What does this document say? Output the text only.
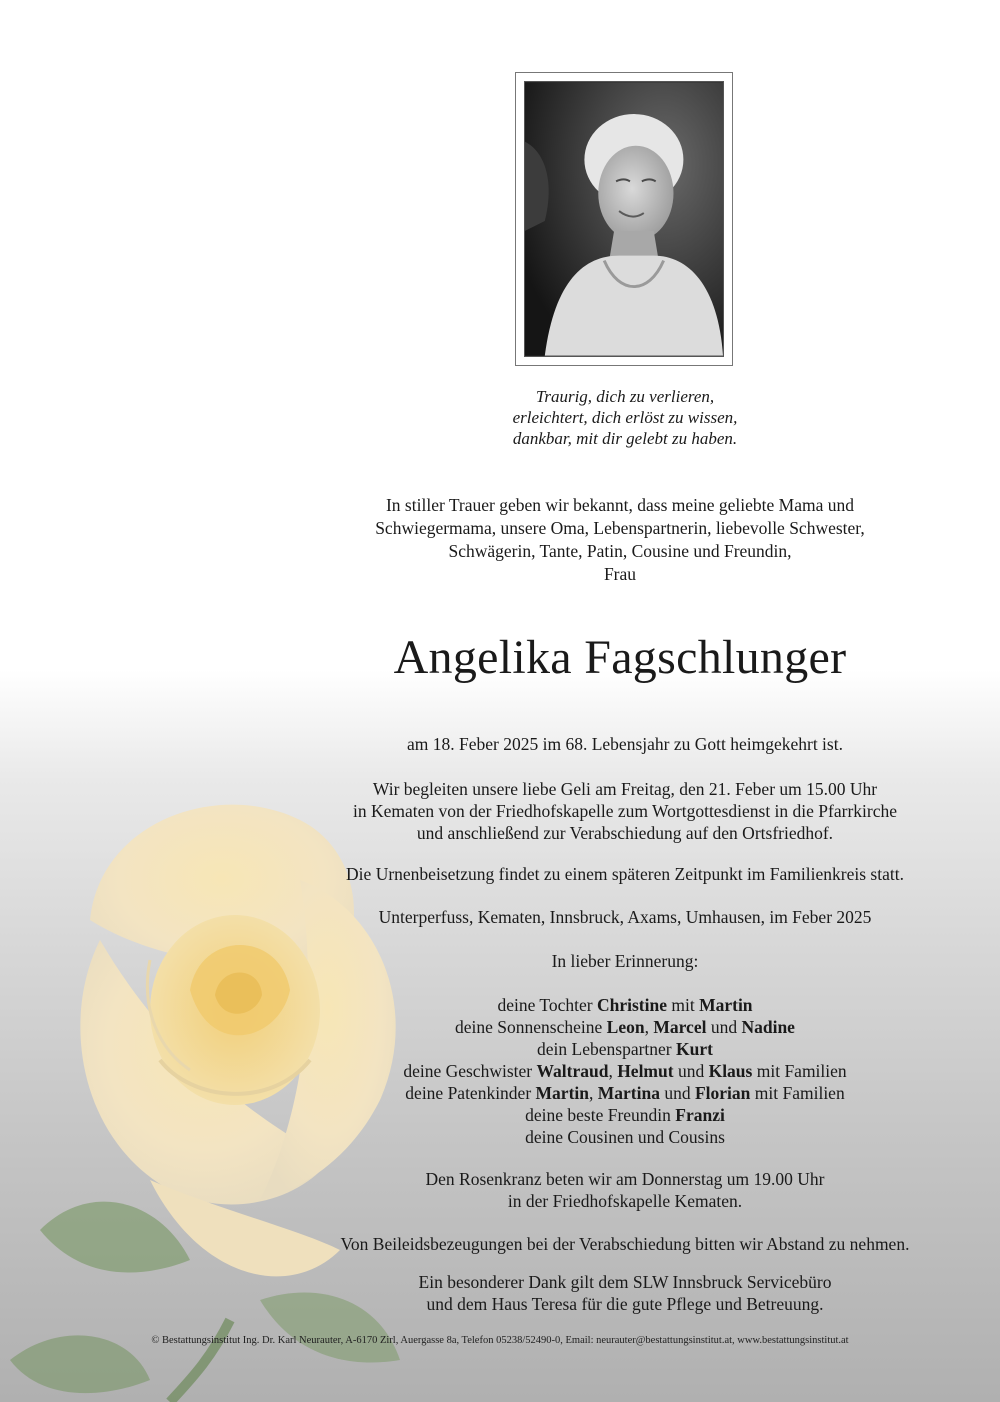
Traurig, dich zu verlieren,
erleichtert, dich erlöst zu wissen,
dankbar, mit dir gelebt zu haben.
In stiller Trauer geben wir bekannt, dass meine geliebte Mama und
Schwiegermama, unsere Oma, Lebenspartnerin, liebevolle Schwester,
Schwägerin, Tante, Patin, Cousine und Freundin,
Frau
Angelika Fagschlunger
am 18. Feber 2025 im 68. Lebensjahr zu Gott heimgekehrt ist.
Wir begleiten unsere liebe Geli am Freitag, den 21. Feber um 15.00 Uhr
in Kematen von der Friedhofskapelle zum Wortgottesdienst in die Pfarrkirche
und anschließend zur Verabschiedung auf den Ortsfriedhof.
Die Urnenbeisetzung findet zu einem späteren Zeitpunkt im Familienkreis statt.
Unterperfuss, Kematen, Innsbruck, Axams, Umhausen, im Feber 2025
In lieber Erinnerung:
deine Tochter Christine mit Martin
deine Sonnenscheine Leon, Marcel und Nadine
dein Lebenspartner Kurt
deine Geschwister Waltraud, Helmut und Klaus mit Familien
deine Patenkinder Martin, Martina und Florian mit Familien
deine beste Freundin Franzi
deine Cousinen und Cousins
Den Rosenkranz beten wir am Donnerstag um 19.00 Uhr
in der Friedhofskapelle Kematen.
Von Beileidsbezeugungen bei der Verabschiedung bitten wir Abstand zu nehmen.
Ein besonderer Dank gilt dem SLW Innsbruck Servicebüro
und dem Haus Teresa für die gute Pflege und Betreuung.
© Bestattungsinstitut Ing. Dr. Karl Neurauter, A-6170 Zirl, Auergasse 8a, Telefon 05238/52490-0, Email: neurauter@bestattungsinstitut.at, www.bestattungsinstitut.at
